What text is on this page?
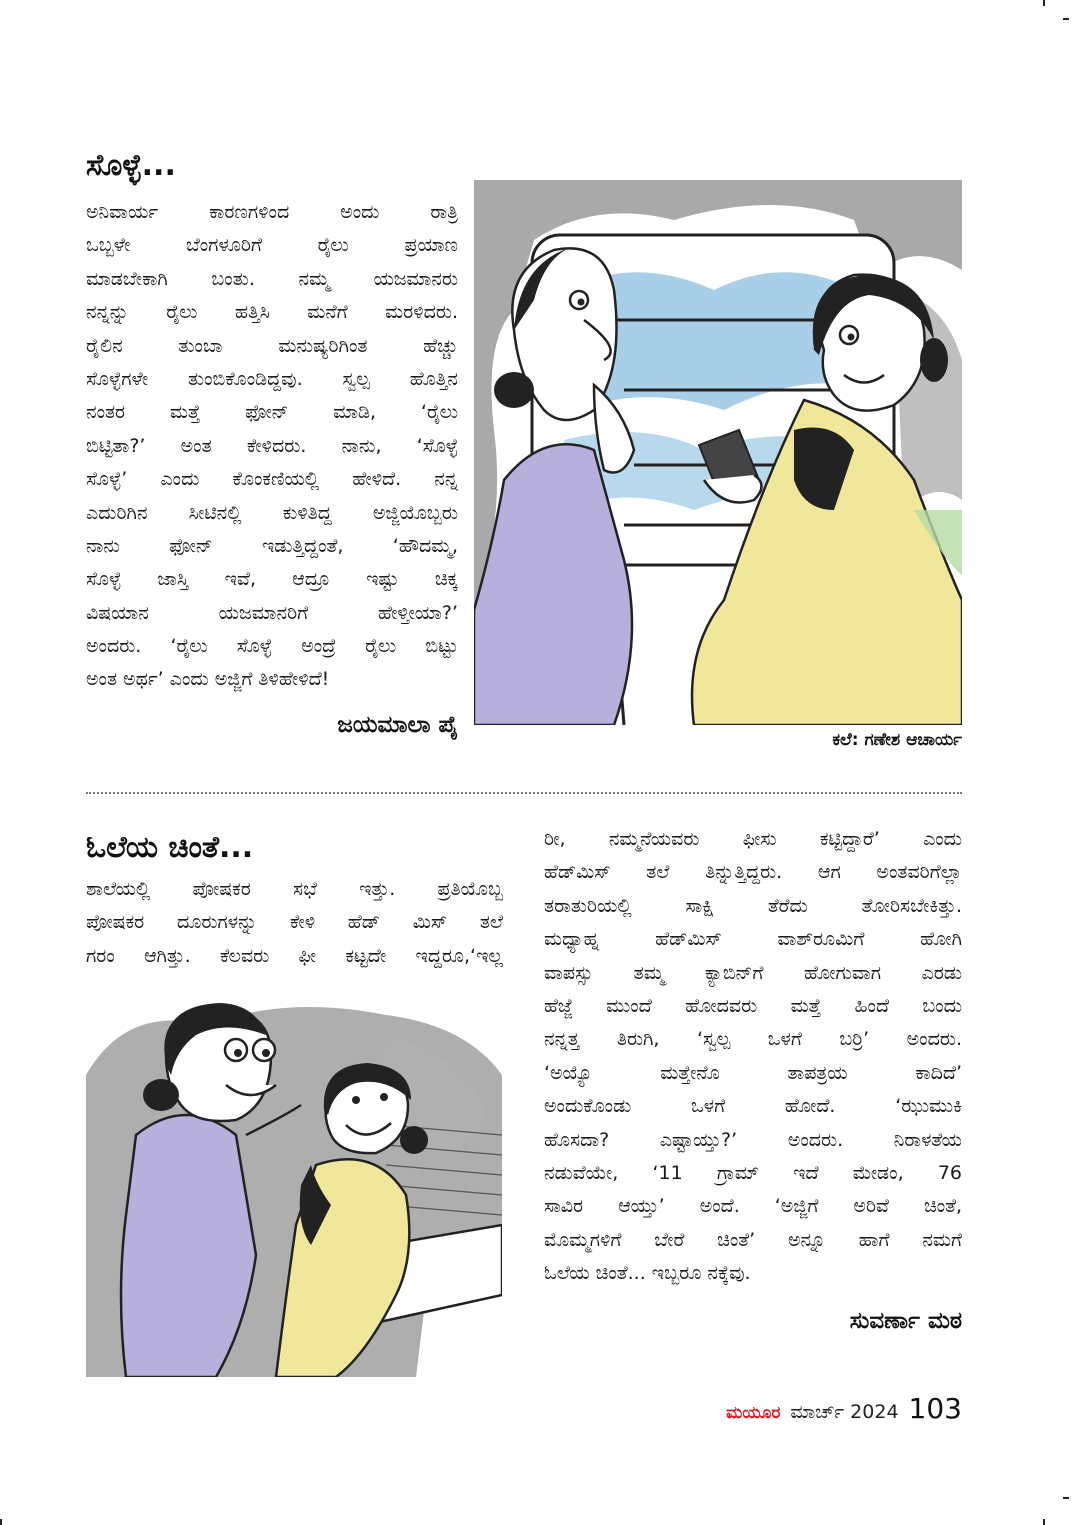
ಸೊಳ್ಳೆ...
ಅನಿವಾರ್ಯ ಕಾರಣಗಳಿಂದ ಅಂದು ರಾತ್ರಿ
ಒಬ್ಬಳೇ ಬೆಂಗಳೂರಿಗೆ ರೈಲು ಪ್ರಯಾಣ
ಮಾಡಬೇಕಾಗಿ ಬಂತು. ನಮ್ಮ ಯಜಮಾನರು
ನನ್ನನ್ನು ರೈಲು ಹತ್ತಿಸಿ ಮನೆಗೆ ಮರಳಿದರು.
ರೈಲಿನ ತುಂಬಾ ಮನುಷ್ಯರಿಗಿಂತ ಹೆಚ್ಚು
ಸೊಳ್ಳೆಗಳೇ ತುಂಬಿಕೊಂಡಿದ್ದವು. ಸ್ವಲ್ಪ ಹೊತ್ತಿನ
ನಂತರ ಮತ್ತೆ ಫೋನ್ ಮಾಡಿ, ‘ರೈಲು
ಬಿಟ್ಟಿತಾ?’ ಅಂತ ಕೇಳಿದರು. ನಾನು, ‘ಸೊಳ್ಳೆ
ಸೊಳ್ಳೆ’ ಎಂದು ಕೊಂಕಣಿಯಲ್ಲಿ ಹೇಳಿದೆ. ನನ್ನ
ಎದುರಿಗಿನ ಸೀಟಿನಲ್ಲಿ ಕುಳಿತಿದ್ದ ಅಜ್ಜಿಯೊಬ್ಬರು
ನಾನು ಫೋನ್ ಇಡುತ್ತಿದ್ದಂತೆ, ‘ಹೌದಮ್ಮ,
ಸೊಳ್ಳೆ ಜಾಸ್ತಿ ಇವೆ, ಆದ್ರೂ ಇಷ್ಟು ಚಿಕ್ಕ
ವಿಷಯಾನ ಯಜಮಾನರಿಗೆ ಹೇಳ್ತೀಯಾ?’
ಅಂದರು. ‘ರೈಲು ಸೊಳ್ಳೆ ಅಂದ್ರೆ ರೈಲು ಬಿಟ್ಟು
ಅಂತ ಅರ್ಥ’ ಎಂದು ಅಜ್ಜಿಗೆ ತಿಳಿಹೇಳಿದೆ!
ಜಯಮಾಲಾ ಪೈ
ಕಲೆ: ಗಣೇಶ ಆಚಾರ್ಯ
ಓಲೆಯ ಚಿಂತೆ...
ಶಾಲೆಯಲ್ಲಿ ಪೋಷಕರ ಸಭೆ ಇತ್ತು. ಪ್ರತಿಯೊಬ್ಬ
ಪೋಷಕರ ದೂರುಗಳನ್ನು ಕೇಳಿ ಹೆಡ್ ಮಿಸ್ ತಲೆ
ಗರಂ ಆಗಿತ್ತು. ಕೆಲವರು ಫೀ ಕಟ್ಟದೇ ಇದ್ದರೂ,‘ಇಲ್ಲ
ರೀ, ನಮ್ಮನೆಯವರು ಫೀಸು ಕಟ್ಟಿದ್ದಾರೆ’ ಎಂದು
ಹೆಡ್‌ಮಿಸ್ ತಲೆ ತಿನ್ನುತ್ತಿದ್ದರು. ಆಗ ಅಂತವರಿಗೆಲ್ಲಾ
ತರಾತುರಿಯಲ್ಲಿ ಸಾಕ್ಷಿ ತೆರೆದು ತೋರಿಸಬೇಕಿತ್ತು.
ಮಧ್ಯಾಹ್ನ ಹೆಡ್‌ಮಿಸ್ ವಾಶ್‌ರೂಮಿಗೆ ಹೋಗಿ
ವಾಪಸ್ಸು ತಮ್ಮ ಕ್ಯಾಬಿನ್‌ಗೆ ಹೋಗುವಾಗ ಎರಡು
ಹೆಜ್ಜೆ ಮುಂದೆ ಹೋದವರು ಮತ್ತೆ ಹಿಂದೆ ಬಂದು
ನನ್ನತ್ತ ತಿರುಗಿ, ‘ಸ್ವಲ್ಪ ಒಳಗೆ ಬರ್ರಿ’ ಅಂದರು.
‘ಅಯ್ಯೊ ಮತ್ತೇನೊ ತಾಪತ್ರಯ ಕಾದಿದೆ’
ಅಂದುಕೊಂಡು ಒಳಗೆ ಹೋದೆ. ‘ಝುಮುಕಿ
ಹೊಸದಾ? ಎಷ್ಟಾಯ್ತು?’ ಅಂದರು. ನಿರಾಳತೆಯ
ನಡುವೆಯೇ, ‘11 ಗ್ರಾಮ್ ಇದೆ ಮೇಡಂ, 76
ಸಾವಿರ ಆಯ್ತು’ ಅಂದೆ. ‘ಅಜ್ಜಿಗೆ ಅರಿವೆ ಚಿಂತೆ,
ಮೊಮ್ಮಗಳಿಗೆ ಬೇರೆ ಚಿಂತೆ’ ಅನ್ನೂ ಹಾಗೆ ನಮಗೆ
ಓಲೆಯ ಚಿಂತೆ... ಇಬ್ಬರೂ ನಕ್ಕೆವು.
ಸುವರ್ಣಾ ಮಠ
ಮಯೂರ ಮಾರ್ಚ್ 2024 103
